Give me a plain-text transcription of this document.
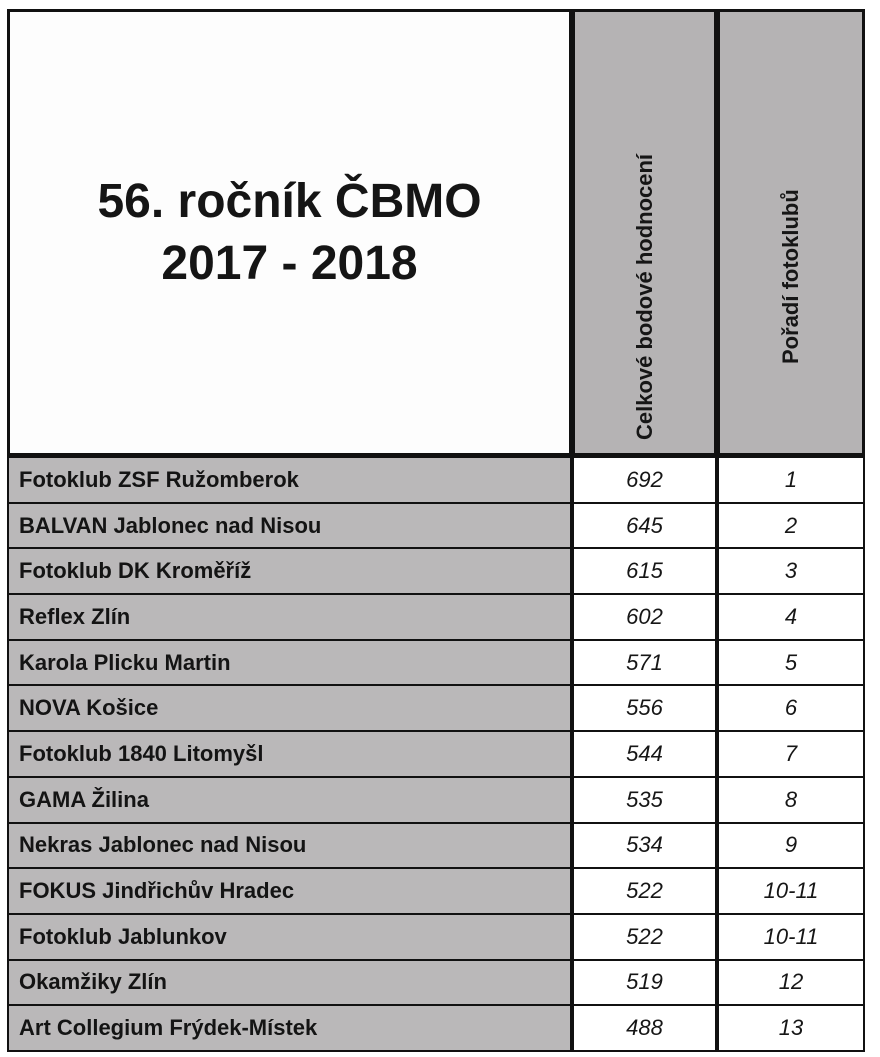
56. ročník ČBMO
2017 - 2018	Celkové bodové hodnocení	Pořadí fotoklubů
Fotoklub ZSF Ružomberok	692	1
BALVAN Jablonec nad Nisou	645	2
Fotoklub DK Kroměříž	615	3
Reflex Zlín	602	4
Karola Plicku Martin	571	5
NOVA Košice	556	6
Fotoklub 1840 Litomyšl	544	7
GAMA Žilina	535	8
Nekras Jablonec nad Nisou	534	9
FOKUS Jindřichův Hradec	522	10-11
Fotoklub Jablunkov	522	10-11
Okamžiky Zlín	519	12
Art Collegium Frýdek-Místek	488	13
